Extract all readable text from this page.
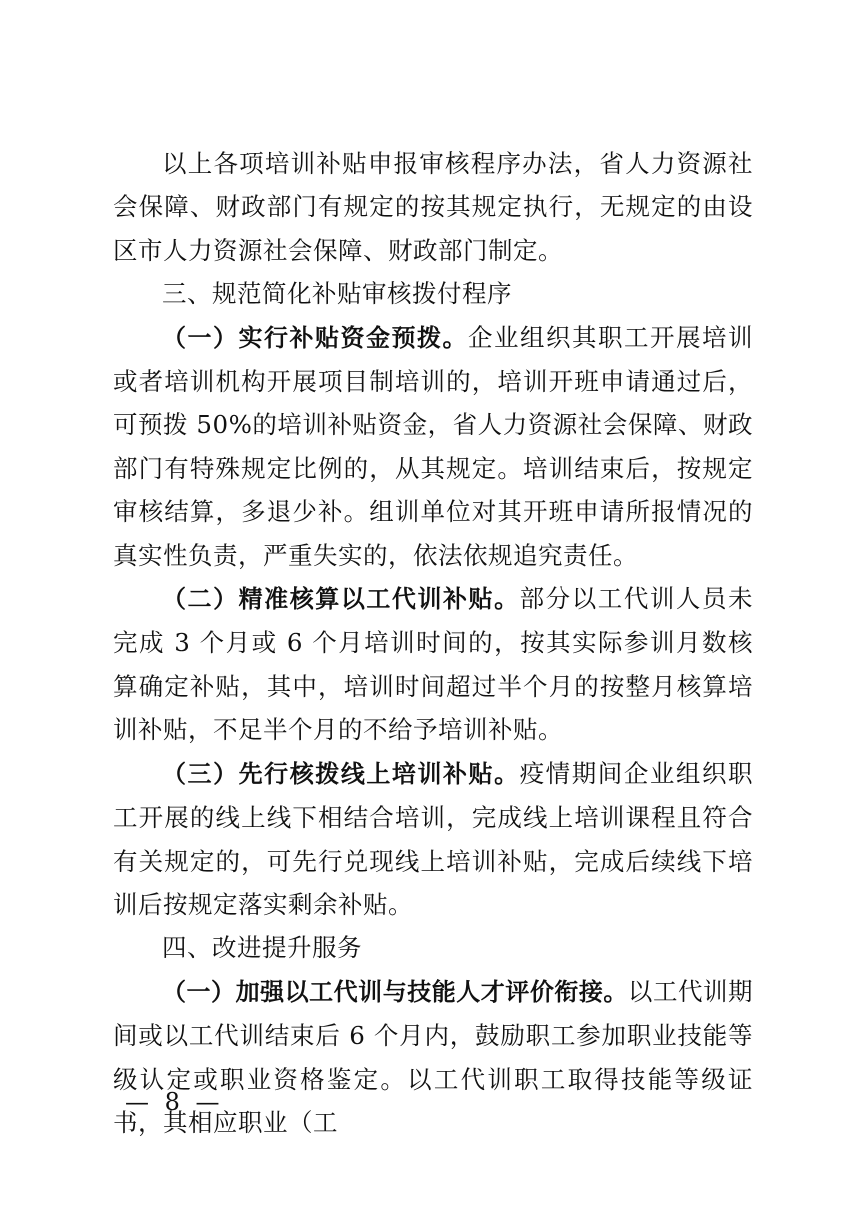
以上各项培训补贴申报审核程序办法，省人力资源社会保障、财政部门有规定的按其规定执行，无规定的由设区市人力资源社会保障、财政部门制定。

三、规范简化补贴审核拨付程序

（一）实行补贴资金预拨。企业组织其职工开展培训或者培训机构开展项目制培训的，培训开班申请通过后，可预拨 50%的培训补贴资金，省人力资源社会保障、财政部门有特殊规定比例的，从其规定。培训结束后，按规定审核结算，多退少补。组训单位对其开班申请所报情况的真实性负责，严重失实的，依法依规追究责任。

（二）精准核算以工代训补贴。部分以工代训人员未完成 3 个月或 6 个月培训时间的，按其实际参训月数核算确定补贴，其中，培训时间超过半个月的按整月核算培训补贴，不足半个月的不给予培训补贴。

（三）先行核拨线上培训补贴。疫情期间企业组织职工开展的线上线下相结合培训，完成线上培训课程且符合有关规定的，可先行兑现线上培训补贴，完成后续线下培训后按规定落实剩余补贴。

四、改进提升服务

（一）加强以工代训与技能人才评价衔接。以工代训期间或以工代训结束后 6 个月内，鼓励职工参加职业技能等级认定或职业资格鉴定。以工代训职工取得技能等级证书，其相应职业（工

— 8 —
